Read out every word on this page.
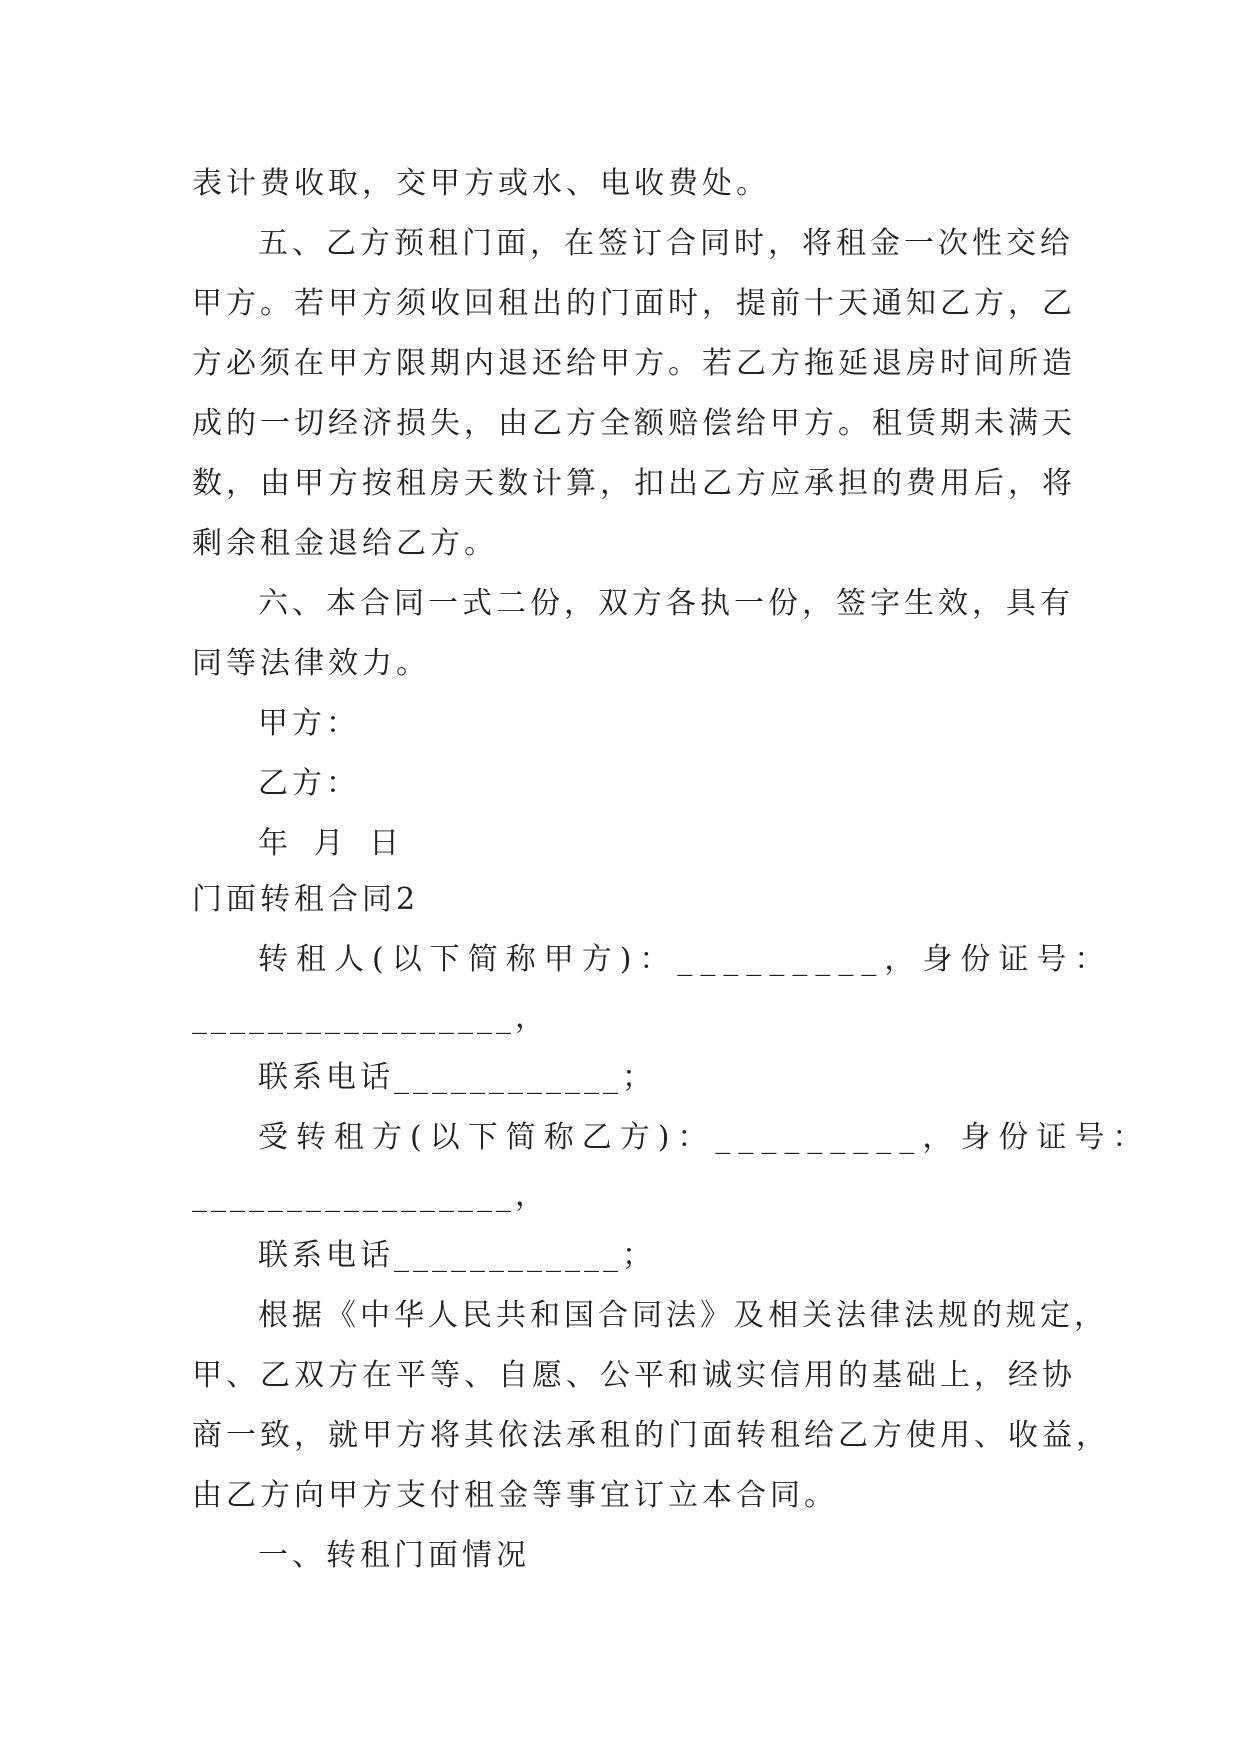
表计费收取，交甲方或水、电收费处。
五、乙方预租门面，在签订合同时，将租金一次性交给
甲方。若甲方须收回租出的门面时，提前十天通知乙方，乙
方必须在甲方限期内退还给甲方。若乙方拖延退房时间所造
成的一切经济损失，由乙方全额赔偿给甲方。租赁期未满天
数，由甲方按租房天数计算，扣出乙方应承担的费用后，将
剩余租金退给乙方。
六、本合同一式二份，双方各执一份，签字生效，具有
同等法律效力。
甲方：
乙方：
年 月 日
门面转租合同2
转租人(以下简称甲方)：_________，身份证号：
_________________，
联系电话____________；
受转租方(以下简称乙方)：_________，身份证号：
_________________，
联系电话____________；
根据《中华人民共和国合同法》及相关法律法规的规定，
甲、乙双方在平等、自愿、公平和诚实信用的基础上，经协
商一致，就甲方将其依法承租的门面转租给乙方使用、收益，
由乙方向甲方支付租金等事宜订立本合同。
一、转租门面情况
